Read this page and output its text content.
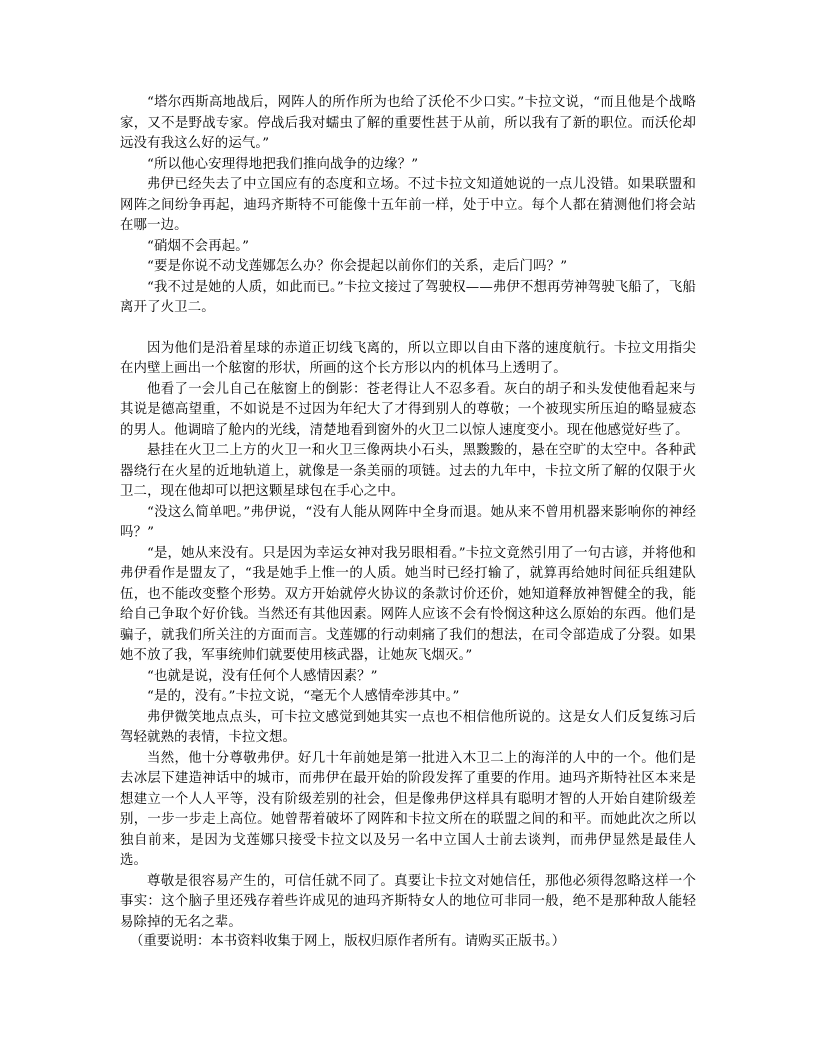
“塔尔西斯高地战后，网阵人的所作所为也给了沃伦不少口实。”卡拉文说，“而且他是个战略家，又不是野战专家。停战后我对蠕虫了解的重要性甚于从前，所以我有了新的职位。而沃伦却远没有我这么好的运气。”

“所以他心安理得地把我们推向战争的边缘？”

弗伊已经失去了中立国应有的态度和立场。不过卡拉文知道她说的一点儿没错。如果联盟和网阵之间纷争再起，迪玛齐斯特不可能像十五年前一样，处于中立。每个人都在猜测他们将会站在哪一边。

“硝烟不会再起。”

“要是你说不动戈莲娜怎么办？你会提起以前你们的关系，走后门吗？”

“我不过是她的人质，如此而已。”卡拉文接过了驾驶权——弗伊不想再劳神驾驶飞船了，飞船离开了火卫二。

因为他们是沿着星球的赤道正切线飞离的，所以立即以自由下落的速度航行。卡拉文用指尖在内壁上画出一个舷窗的形状，所画的这个长方形以内的机体马上透明了。

他看了一会儿自己在舷窗上的倒影：苍老得让人不忍多看。灰白的胡子和头发使他看起来与其说是德高望重，不如说是不过因为年纪大了才得到别人的尊敬；一个被现实所压迫的略显疲态的男人。他调暗了舱内的光线，清楚地看到窗外的火卫二以惊人速度变小。现在他感觉好些了。

悬挂在火卫二上方的火卫一和火卫三像两块小石头，黑黢黢的，悬在空旷的太空中。各种武器绕行在火星的近地轨道上，就像是一条美丽的项链。过去的九年中，卡拉文所了解的仅限于火卫二，现在他却可以把这颗星球包在手心之中。

“没这么简单吧。”弗伊说，“没有人能从网阵中全身而退。她从来不曾用机器来影响你的神经吗？”

“是，她从来没有。只是因为幸运女神对我另眼相看。”卡拉文竟然引用了一句古谚，并将他和弗伊看作是盟友了，“我是她手上惟一的人质。她当时已经打输了，就算再给她时间征兵组建队伍，也不能改变整个形势。双方开始就停火协议的条款讨价还价，她知道释放神智健全的我，能给自己争取个好价钱。当然还有其他因素。网阵人应该不会有怜悯这种这么原始的东西。他们是骗子，就我们所关注的方面而言。戈莲娜的行动刺痛了我们的想法，在司令部造成了分裂。如果她不放了我，军事统帅们就要使用核武器，让她灰飞烟灭。”

“也就是说，没有任何个人感情因素？”

“是的，没有。”卡拉文说，“毫无个人感情牵涉其中。”

弗伊微笑地点点头，可卡拉文感觉到她其实一点也不相信他所说的。这是女人们反复练习后驾轻就熟的表情，卡拉文想。

当然，他十分尊敬弗伊。好几十年前她是第一批进入木卫二上的海洋的人中的一个。他们是去冰层下建造神话中的城市，而弗伊在最开始的阶段发挥了重要的作用。迪玛齐斯特社区本来是想建立一个人人平等，没有阶级差别的社会，但是像弗伊这样具有聪明才智的人开始自建阶级差别，一步一步走上高位。她曾帮着破坏了网阵和卡拉文所在的联盟之间的和平。而她此次之所以独自前来，是因为戈莲娜只接受卡拉文以及另一名中立国人士前去谈判，而弗伊显然是最佳人选。

尊敬是很容易产生的，可信任就不同了。真要让卡拉文对她信任，那他必须得忽略这样一个事实：这个脑子里还残存着些许成见的迪玛齐斯特女人的地位可非同一般，绝不是那种敌人能轻易除掉的无名之辈。

（重要说明：本书资料收集于网上，版权归原作者所有。请购买正版书。）
